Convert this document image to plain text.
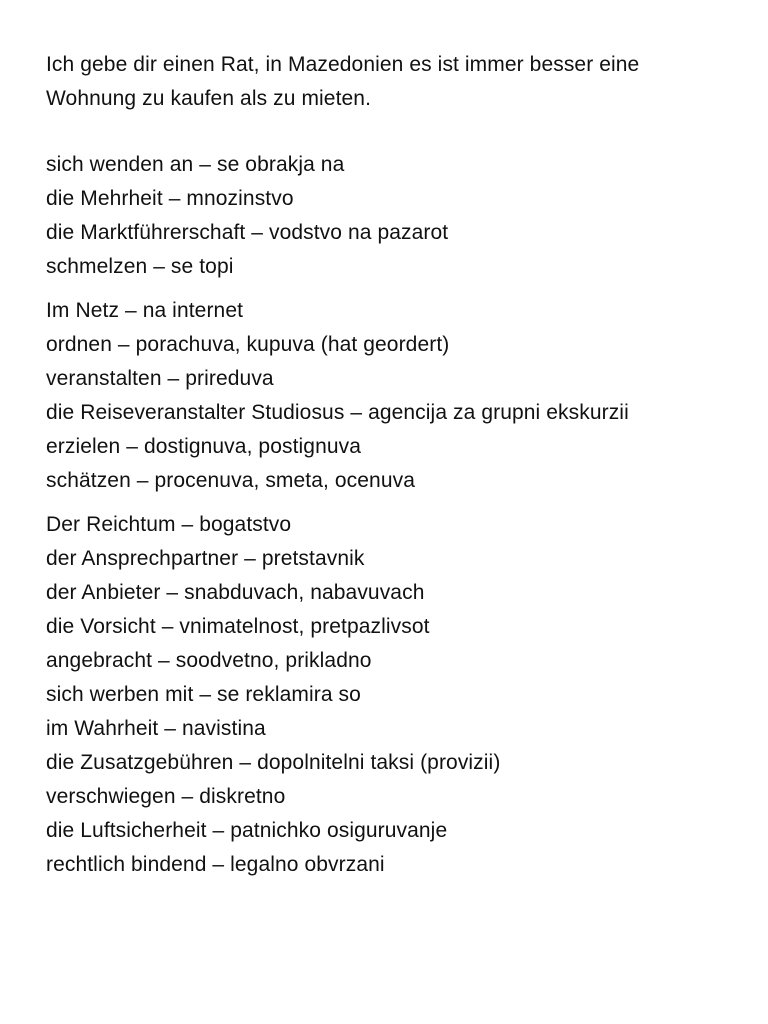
Ich gebe dir einen Rat, in Mazedonien es ist immer besser eine
Wohnung zu kaufen als zu mieten.
sich wenden an – se obrakja na
die Mehrheit – mnozinstvo
die Marktführerschaft – vodstvo na pazarot
schmelzen – se topi
Im Netz – na internet
ordnen – porachuva, kupuva (hat geordert)
veranstalten – prireduva
die Reiseveranstalter Studiosus – agencija za grupni ekskurzii
erzielen – dostignuva, postignuva
schätzen – procenuva, smeta, ocenuva
Der Reichtum – bogatstvo
der Ansprechpartner – pretstavnik
der Anbieter – snabduvach, nabavuvach
die Vorsicht – vnimatelnost, pretpazlivsot
angebracht – soodvetno, prikladno
sich werben mit – se reklamira so
im Wahrheit – navistina
die Zusatzgebühren – dopolnitelni taksi (provizii)
verschwiegen – diskretno
die Luftsicherheit – patnichko osiguruvanje
rechtlich bindend – legalno obvrzani
